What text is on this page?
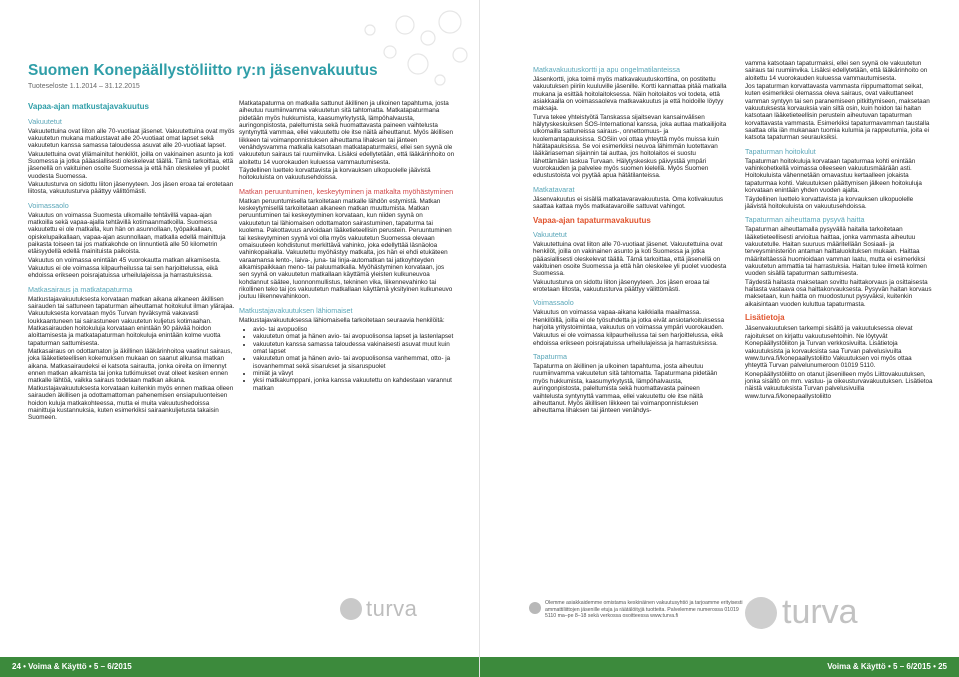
Suomen Konepäällystöliitto ry:n jäsenvakuutus

Tuoteseloste 1.1.2014 – 31.12.2015

Vapaa-ajan matkustajavakuutus
Vakuutetut

Vakuutettuina ovat liiton alle 70-vuotiaat jäsenet. Vakuutettuina ovat myös vakuutetun mukana matkustavat alle 20-vuotiaat omat lapset sekä vakuutetun kanssa samassa taloudessa asuvat alle 20-vuotiaat lapset.

Vakuutettuina ovat yllämainitut henkilöt, joilla on vakinainen asunto ja koti Suomessa ja jotka pääasiallisesti oleskelevat täällä. Tämä tarkoittaa, että jäsenellä on vakituinen osoite Suomessa ja että hän oleskelee yli puolet vuodesta Suomessa.

Vakuutusturva on sidottu liiton jäsenyyteen. Jos jäsen eroaa tai erotetaan liitosta, vakuutusturva päättyy välittömästi.

Voimassaolo

Vakuutus on voimassa Suomesta ulkomaille tehtävillä vapaa-ajan matkoilla sekä vapaa-ajalla tehtävillä kotimaanmatkoilla. Suomessa vakuutettu ei ole matkalla, kun hän on asunnollaan, työpaikallaan, opiskelupaikallaan, vapaa-ajan asunnollaan, matkalla edellä mainittuja paikasta toiseen tai jos matkakohde on linnuntietä alle 50 kilometrin etäisyydellä edellä mainituista paikoista.

Vakuutus on voimassa enintään 45 vuorokautta matkan alkamisesta.

Vakuutus ei ole voimassa kilpaurheilussa tai sen harjoittelussa, eikä ehdoissa erikseen poisrajatuissa urheilulajeissa ja harrastuksissa.

Matkasairaus ja matkatapaturma

Matkustajavakuutuksesta korvataan matkan aikana alkaneen äkillisen sairauden tai sattuneen tapaturman aiheuttamat hoitokulut ilman ylärajaa. Vakuutuksesta korvataan myös Turvan hyväksymä vakavasti loukkaantuneen tai sairastuneen vakuutetun kuljetus kotimaahan. Matkasairauden hoitokuluja korvataan enintään 90 päivää hoidon aloittamisesta ja matkatapaturman hoitokuluja enintään kolme vuotta tapaturman sattumisesta.

Matkasairaus on odottamaton ja äkillinen lääkärinhoitoa vaatinut sairaus, joka lääketieteellisen kokemuksen mukaan on saanut alkunsa matkan aikana. Matkasairaudeksi ei katsota sairautta, jonka oireita on ilmennyt ennen matkan alkamista tai jonka tutkimukset ovat olleet kesken ennen matkalle lähtöä, vaikka sairaus todetaan matkan aikana. Matkustajavakuutuksesta korvataan kuitenkin myös ennen matkaa olleen sairauden äkillisen ja odottamattoman pahenemisen ensiapuluonteisen hoidon kuluja matkakohteessa, mutta ei muita vakuutushedoissa mainittuja kustannuksia, kuten esimerkiksi sairaankuljetusta takaisin Suomeen.

Matkatapaturma on matkalla sattunut äkillinen ja ulkoinen tapahtuma, josta aiheutuu ruumiinvamma vakuutetun sitä tahtomatta. Matkatapaturmana pidetään myös hukkumista, kaasumyrkytystä, lämpöhalvausta, auringonpistosta, paleltumista sekä huomattavasta paineen vaihtelusta syntynyttä vammaa, ellei vakuutettu ole itse näitä aiheuttanut. Myös äkillisen liikkeen tai voimanponnistuksen aiheuttama lihaksen tai jänteen venähdysvamma matkalla katsotaan matkatapaturmaksi, ellei sen syynä ole vakuutetun sairaus tai ruumiinvika. Lisäksi edellytetään, että lääkärinhoito on aloitettu 14 vuorokauden kuluessa vammautumisesta.

Täydellinen luettelo korvattavista ja korvauksen ulkopuolelle jäävistä hoitokuluista on vakuutusehdoissa.

Matkan peruuntuminen, keskeytyminen ja matkalta myöhästyminen

Matkan peruuntumisella tarkoitetaan matkalle lähdön estymistä. Matkan keskeytymisellä tarkoitetaan alkaneen matkan muuttumista. Matkan peruuntuminen tai keskeytyminen korvataan, kun niiden syynä on vakuutetun tai lähiomaisen odottamaton sairastuminen, tapaturma tai kuolema. Pakottavuus arvioidaan lääketieteellisin perustein. Peruuntuminen tai keskeytyminen syynä voi olla myös vakuutetun Suomessa olevaan omaisuuteen kohdistunut merkittävä vahinko, joka edellyttää läsnäoloa vahinkopaikalla. Vakuutettu myöhästyy matkalta, jos hän ei ehdi etukäteen varaamansa lento-, laiva-, juna- tai linja-automatkan tai jatkoyhteyden alkamispaikkaan meno- tai paluumatkalla. Myöhästyminen korvataan, jos sen syynä on vakuutetun matkallaan käyttämä yleisten kulkuneuvoa kohdannut säätee, luonnonmullistus, tekninen vika, liikennevahinko tai rikollinen teko tai jos vakuutetun matkallaan käyttämä yksityinen kulkuneuvo joutuu liikennevahinkoon.

Matkustajavakuutuksen lähiomaiset

Matkustajavakuutuksessa lähiomaisella tarkoitetaan seuraavia henkilöitä:

• avio- tai avopuoliso
• vakuutetun omat ja hänen avio- tai avopuolisonsa lapset ja lastenlapset
• vakuutetun kanssa samassa taloudessa vakinaisesti asuvat muut kuin omat lapset
• vakuutetun omat ja hänen avio- tai avopuolisonsa vanhemmat, otto- ja isovanhemmat sekä sisarukset ja sisaruspuolet
• miniät ja vävyt
• yksi matkakumppani, jonka kanssa vakuutettu on kahdestaan varannut matkan
turva
24 • Voima & Käyttö • 5 – 6/2015
Matkavakuutuskortti ja apu ongelmatilanteissa

Jäsenkortti, joka toimii myös matkavakuutuskorttina, on postitettu vakuutuksen piiriin kuuluville jäsenille. Kortti kannattaa pitää matkalla mukana ja esittää hoitolaitoksessa. Näin hoitolaitos voi todeta, että asiakkaalla on voimassaoleva matkavakuutus ja että hoidoille löytyy maksaja.

Turva tekee yhteistyötä Tanskassa sijaitsevan kansainvälisen hälytyskeskuksen SOS-International kanssa, joka auttaa matkailijoita ulkomailla sattuneissa sairaus-, onnettomuus- ja kuolemantapauksissa. SOSiin voi ottaa yhteyttä myös muissa kuin hätätapauksissa. Se voi esimerkiksi neuvoa lähimmän luotettavan lääkäriaseman sijainnin tai auttaa, jos hoitolaitos ei suostu lähettämään laskua Turvaan. Hälytyskeskus päivystää ympäri vuorokauden ja palvelee myös suomen kielellä. Myös Suomen edustustoista voi pyytää apua hätätilanteissa.

Matkatavarat

Jäsenvakuutus ei sisällä matkatavaravakuutusta. Oma kotivakuutus saattaa kattaa myös matkatavaroille sattuvat vahingot.

Vapaa-ajan tapaturmavakuutus
Vakuutetut

Vakuutettuina ovat liiton alle 70-vuotiaat jäsenet. Vakuutettuina ovat henkilöt, joilla on vakinainen asunto ja koti Suomessa ja jotka pääasiallisesti oleskelevat täällä. Tämä tarkoittaa, että jäsenellä on vakituinen osoite Suomessa ja että hän oleskelee yli puolet vuodesta Suomessa.

Vakuutusturva on sidottu liiton jäsenyyteen. Jos jäsen eroaa tai erotetaan liitosta, vakuutusturva päättyy välittömästi.

Voimassaolo

Vakuutus on voimassa vapaa-aikana kaikkialla maailmassa. Henkilöillä, joilla ei ole työsuhdetta ja jotka eivät ansiotarkoituksessa harjoita yritystoimintaa, vakuutus on voimassa ympäri vuorokauden.

Vakuutus ei ole voimassa kilpaurheilussa tai sen harjoittelussa, eikä ehdoissa erikseen poisrajatuissa urheilulajeissa ja harrastuksissa.

Tapaturma

Tapaturma on äkillinen ja ulkoinen tapahtuma, josta aiheutuu ruumiinvamma vakuutetun sitä tahtomatta. Tapaturmana pidetään myös hukkumista, kaasumyrkytystä, lämpöhalvausta, auringonpistosta, paleltumista sekä huomattavasta paineen vaihtelusta syntynyttä vammaa, ellei vakuutettu ole itse näitä aiheuttanut. Myös äkillisen liikkeen tai voimanponnistuksen aiheuttama lihaksen tai jänteen venähdys-

vamma katsotaan tapaturmaksi, ellei sen syynä ole vakuutetun sairaus tai ruumiinvika. Lisäksi edellytetään, että lääkärinhoito on aloitettu 14 vuorokauden kuluessa vammautumisesta.

Jos tapaturman korvattavasta vammasta riippumattomat seikat, kuten esimerkiksi olemassa oleva sairaus, ovat vaikuttaneet vamman syntyyn tai sen paranemiseen pitkittymiseen, maksetaan vakuutuksesta korvauksia vain siltä osin, kuin hoidon tai haitan katsotaan lääketieteellisin perustein aiheutuvan tapaturman korvattavasta vammasta. Esimerkiksi tapaturmavamman taustalla saattaa olla iän mukanaan tuomia kulumia ja rappeutumia, joita ei katsota tapaturman seurauksiksi.

Tapaturman hoitokulut

Tapaturman hoitokuluja korvataan tapaturmaa kohti enintään vahinkohetkellä voimassa olleeseen vakuutusmäärään asti. Hoitokuluista vähennetään omavastuu kertaalleen jokaista tapaturmaa kohti. Vakuutuksen päättymisen jälkeen hoitokuluja korvataan enintään yhden vuoden ajalta.

Täydellinen luettelo korvattavista ja korvauksen ulkopuolelle jäävistä hoitokuluista on vakuutusehdoissa.

Tapaturman aiheuttama pysyvä haitta

Tapaturman aiheuttamalla pysyvällä haitalla tarkoitetaan lääketieteellisesti arvioitua haittaa, jonka vammasta aiheutuu vakuutetulle. Haitan suuruus määritellään Sosiaali- ja terveysministeriön antaman haittaluokituksen mukaan. Haittaa määriteltäessä huomioidaan vamman laatu, mutta ei esimerkiksi vakuutetun ammattia tai harrastuksia. Haitan tulee ilmetä kolmen vuoden sisällä tapaturman sattumisesta.

Täydestä haitasta maksetaan sovittu haittakorvaus ja osittaisesta haitasta vastaava osa haittakorvauksesta. Pysyvän haitan korvaus maksetaan, kun haitta on muodostunut pysyväksi, kuitenkin aikaisintaan vuoden kuluttua tapaturmasta.

Lisätietoja

Jäsenvakuutuksen tarkempi sisältö ja vakuutuksessa olevat rajoitukset on kirjattu vakuutusehtoihin. Ne löytyvät Konepäällystöliiton ja Turvan verkkosivuilta. Lisätietoja vakuutuksista ja korvauksista saa Turvan palvelusivuilta www.turva.fi/konepaallystoliitto Vakuutuksen voi myös ottaa yhteyttä Turvan palvelunumeroon 01019 5110.

Konepäällystöliitto on otanut jäsenilleen myös Liittovakuutuksen, jonka sisältö on mm. vastuu- ja oikeusturvavakuutuksen. Lisätietoa näistä vakuutuksista Turvan palvelusivuilla www.turva.fi/konepaallystoliitto

Voima & Käyttö • 5 – 6/2015 • 25
Olemme asiakkaidemme omistama keskinäinen vakuutusyhtiö ja tarjoamme erityisesti ammattiliittojen jäsenille etuja ja räätälöityjä tuotteita. Palvelemme numerossa 01019 5110 ma–pe 8–18 sekä verkossa osoitteessa www.turva.fi	turva
